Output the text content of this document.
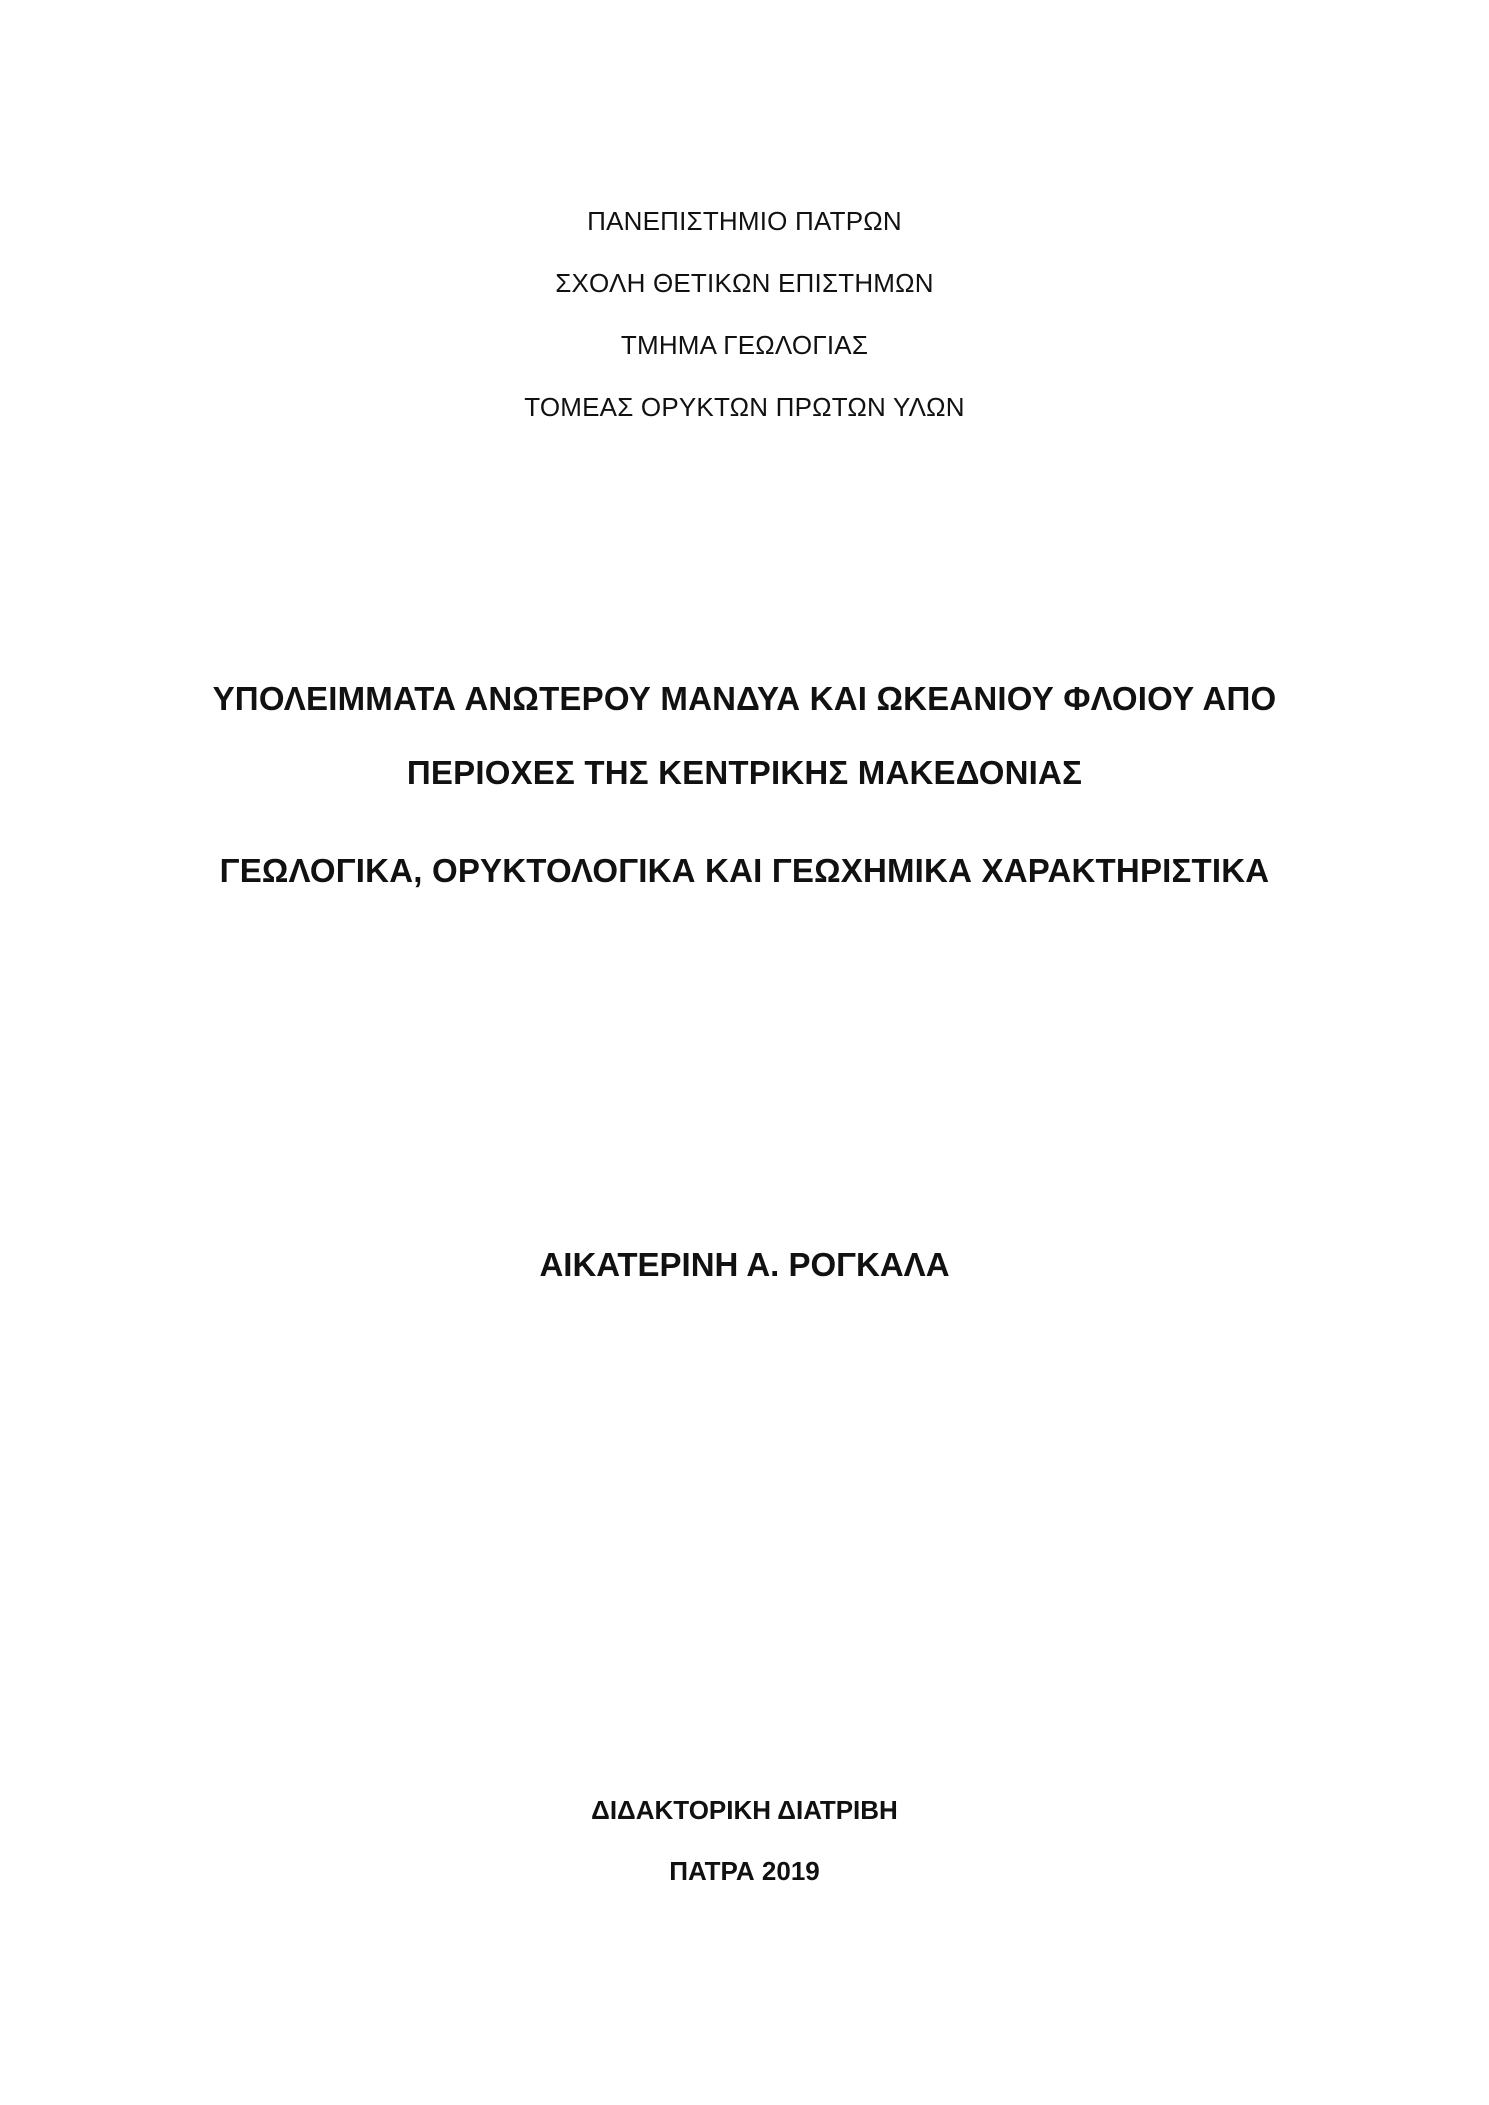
ΠΑΝΕΠΙΣΤΗΜΙΟ ΠΑΤΡΩΝ

ΣΧΟΛΗ ΘΕΤΙΚΩΝ ΕΠΙΣΤΗΜΩΝ

ΤΜΗΜΑ ΓΕΩΛΟΓΙΑΣ

ΤΟΜΕΑΣ ΟΡΥΚΤΩΝ ΠΡΩΤΩΝ ΥΛΩΝ

ΥΠΟΛΕΙΜΜΑΤΑ ΑΝΩΤΕΡΟΥ ΜΑΝΔΥΑ ΚΑΙ ΩΚΕΑΝΙΟΥ ΦΛΟΙΟΥ ΑΠΟ
ΠΕΡΙΟΧΕΣ ΤΗΣ ΚΕΝΤΡΙΚΗΣ ΜΑΚΕΔΟΝΙΑΣ
ΓΕΩΛΟΓΙΚΑ, ΟΡΥΚΤΟΛΟΓΙΚΑ ΚΑΙ ΓΕΩΧΗΜΙΚΑ ΧΑΡΑΚΤΗΡΙΣΤΙΚΑ

ΑΙΚΑΤΕΡΙΝΗ Α. ΡΟΓΚΑΛΑ

ΔΙΔΑΚΤΟΡΙΚΗ ΔΙΑΤΡΙΒΗ

ΠΑΤΡΑ 2019
